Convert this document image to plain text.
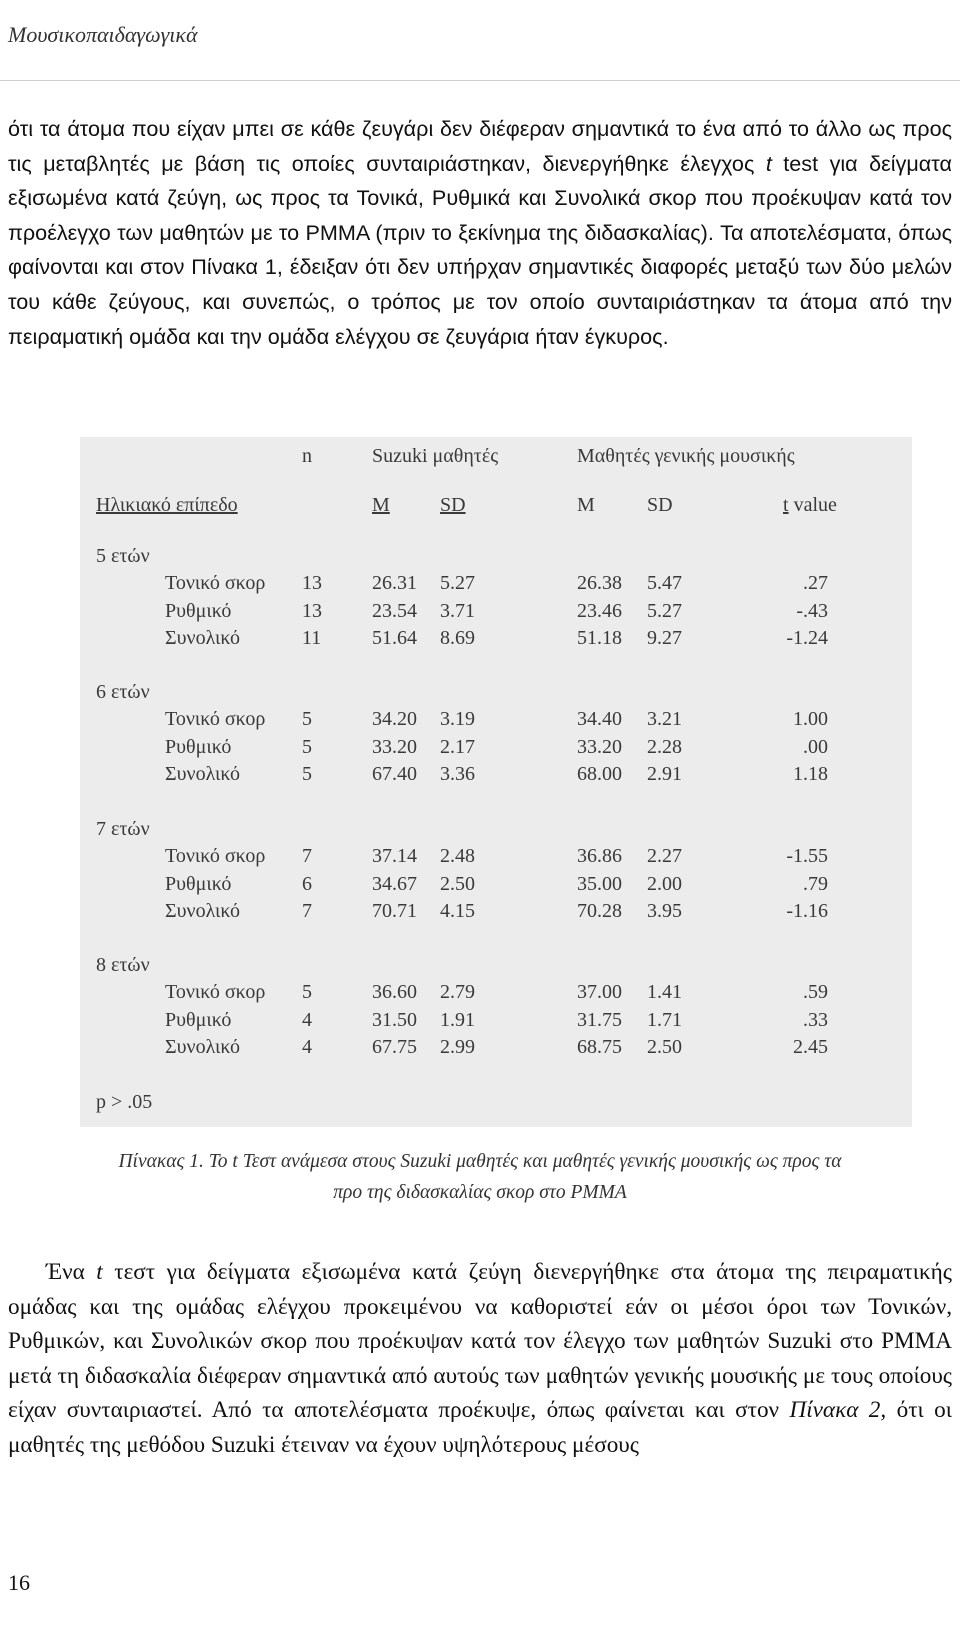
Μουσικοπαιδαγωγικά

ότι τα άτομα που είχαν μπει σε κάθε ζευγάρι δεν διέφεραν σημαντικά το ένα από το άλλο ως προς τις μεταβλητές με βάση τις οποίες συνταιριάστηκαν, διενεργήθηκε έλεγχος t test για δείγματα εξισωμένα κατά ζεύγη, ως προς τα Τονικά, Ρυθμικά και Συνολικά σκορ που προέκυψαν κατά τον προέλεγχο των μαθητών με το PMMA (πριν το ξεκίνημα της διδασκαλίας). Τα αποτελέσματα, όπως φαίνονται και στον Πίνακα 1, έδειξαν ότι δεν υπήρχαν σημαντικές διαφορές μεταξύ των δύο μελών του κάθε ζεύγους, και συνεπώς, ο τρόπος με τον οποίο συνταιριάστηκαν τα άτομα από την πειραματική ομάδα και την ομάδα ελέγχου σε ζευγάρια ήταν έγκυρος.

n	Suzuki μαθητές	Μαθητές γενικής μουσικής
Ηλικιακό επίπεδο	M	SD	M	SD	t value
5 ετών
Τονικό σκορ 13	26.31 5.27	26.38 5.47	.27
Ρυθμικό	13	23.54 3.71	23.46 5.27	-.43
Συνολικό	11	51.64 8.69	51.18 9.27	-1.24
6 ετών
Τονικό σκορ 5	34.20 3.19	34.40 3.21	1.00
Ρυθμικό	5	33.20 2.17	33.20 2.28	.00
Συνολικό	5	67.40 3.36	68.00 2.91	1.18
7 ετών
Τονικό σκορ 7	37.14 2.48	36.86 2.27	-1.55
Ρυθμικό	6	34.67 2.50	35.00 2.00	.79
Συνολικό	7	70.71 4.15	70.28 3.95	-1.16
8 ετών
Τονικό σκορ 5	36.60 2.79	37.00 1.41	.59
Ρυθμικό	4	31.50 1.91	31.75 1.71	.33
Συνολικό	4	67.75 2.99	68.75 2.50	2.45
p > .05

Πίνακας 1. Το t Τεστ ανάμεσα στους Suzuki μαθητές και μαθητές γενικής μουσικής ως προς τα
προ της διδασκαλίας σκορ στο PMMA

Ένα t τεστ για δείγματα εξισωμένα κατά ζεύγη διενεργήθηκε στα άτομα της πειραματικής ομάδας και της ομάδας ελέγχου προκειμένου να καθοριστεί εάν οι μέσοι όροι των Τονικών, Ρυθμικών, και Συνολικών σκορ που προέκυψαν κατά τον έλεγχο των μαθητών Suzuki στο PMMA μετά τη διδασκαλία διέφεραν σημαντικά από αυτούς των μαθητών γενικής μουσικής με τους οποίους είχαν συνταιριαστεί. Από τα αποτελέσματα προέκυψε, όπως φαίνεται και στον Πίνακα 2, ότι οι μαθητές της μεθόδου Suzuki έτειναν να έχουν υψηλότερους μέσους

16
